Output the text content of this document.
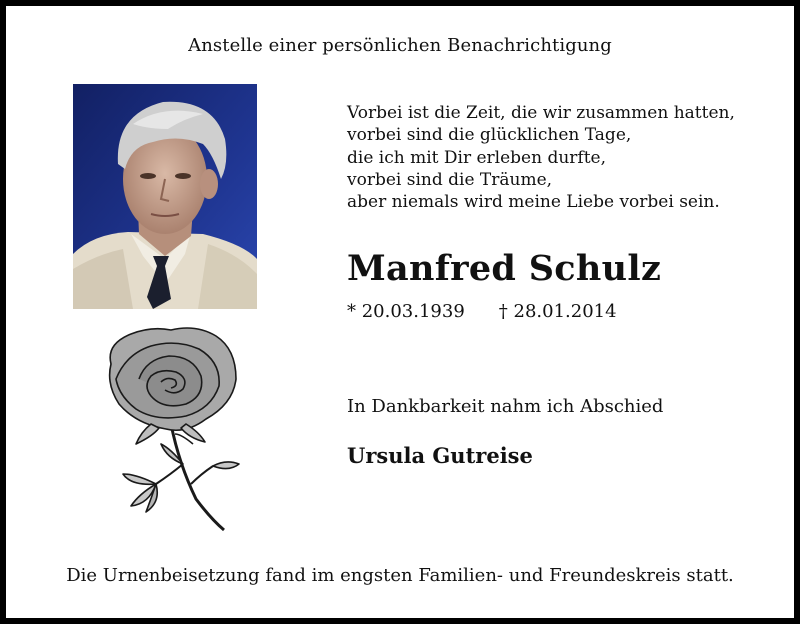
Anstelle einer persönlichen Benachrichtigung
Vorbei ist die Zeit, die wir zusammen hatten,
vorbei sind die glücklichen Tage,
die ich mit Dir erleben durfte,
vorbei sind die Träume,
aber niemals wird meine Liebe vorbei sein.
Manfred Schulz
* 20.03.1939 † 28.01.2014
In Dankbarkeit nahm ich Abschied
Ursula Gutreise
Die Urnenbeisetzung fand im engsten Familien- und Freundeskreis statt.
